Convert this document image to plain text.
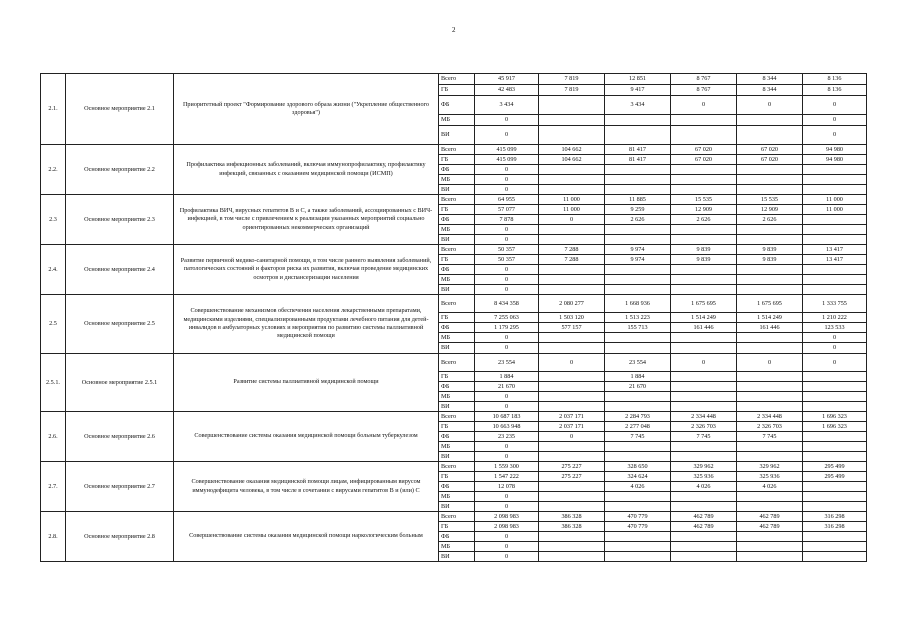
2
2.1.	Основное мероприятие 2.1	Приоритетный проект "Формирование здорового образа жизни ("Укрепление общественного здоровья")	Всего	45 917	7 819	12 851	8 767	8 344	8 136
			ГБ	42 483	7 819	9 417	8 767	8 344	8 136
			ФБ	3 434		3 434	0	0	0
			МБ	0					0
			ВИ	0					0
2.2.	Основное мероприятие 2.2	Профилактика инфекционных заболеваний, включая иммунопрофилактику, профилактику инфекций, связанных с оказанием медицинской помощи (ИСМП)	Всего	415 099	104 662	81 417	67 020	67 020	94 980
			ГБ	415 099	104 662	81 417	67 020	67 020	94 980
			ФБ	0					
			МБ	0					
			ВИ	0					
2.3	Основное мероприятие 2.3	Профилактика ВИЧ, вирусных гепатитов В и С, а также заболеваний, ассоциированных с ВИЧ-инфекцией, в том числе с привлечением к реализации указанных мероприятий социально ориентированных некоммерческих организаций	Всего	64 955	11 000	11 885	15 535	15 535	11 000
			ГБ	57 077	11 000	9 259	12 909	12 909	11 000
			ФБ	7 878	0	2 626	2 626	2 626	
			МБ	0					
			ВИ	0					
2.4.	Основное мероприятие 2.4	Развитие первичной медико-санитарной помощи, в том числе раннего выявления заболеваний, патологических состояний и факторов риска их развития, включая проведение медицинских осмотров и диспансеризации населения	Всего	50 357	7 288	9 974	9 839	9 839	13 417
			ГБ	50 357	7 288	9 974	9 839	9 839	13 417
			ФБ	0					
			МБ	0					
			ВИ	0					
2.5	Основное мероприятие 2.5	Совершенствование механизмов обеспечения населения лекарственными препаратами, медицинскими изделиями, специализированными продуктами лечебного питания для детей-инвалидов в амбулаторных условиях и мероприятия по развитию системы паллиативной медицинской помощи	Всего	8 434 358	2 080 277	1 668 936	1 675 695	1 675 695	1 333 755
			ГБ	7 255 063	1 503 120	1 513 223	1 514 249	1 514 249	1 210 222
			ФБ	1 179 295	577 157	155 713	161 446	161 446	123 533
			МБ	0					0
			ВИ	0					0
2.5.1.	Основное мероприятие 2.5.1	Развитие системы паллиативной медицинской помощи	Всего	23 554	0	23 554	0	0	0
			ГБ	1 884		1 884			
			ФБ	21 670		21 670			
			МБ	0					
			ВИ	0					
2.6.	Основное мероприятие 2.6	Совершенствование системы оказания медицинской помощи больным туберкулезом	Всего	10 687 183	2 037 171	2 284 793	2 334 448	2 334 448	1 696 323
			ГБ	10 663 948	2 037 171	2 277 048	2 326 703	2 326 703	1 696 323
			ФБ	23 235	0	7 745	7 745	7 745	
			МБ	0					
			ВИ	0					
2.7.	Основное мероприятие 2.7	Совершенствование оказания медицинской помощи лицам, инфицированным вирусом иммунодефицита человека, в том числе в сочетании с вирусами гепатитов В и (или) С	Всего	1 559 300	275 227	328 650	329 962	329 962	295 499
			ГБ	1 547 222	275 227	324 624	325 936	325 936	295 499
			ФБ	12 078		4 026	4 026	4 026	
			МБ	0					
			ВИ	0					
2.8.	Основное мероприятие 2.8	Совершенствование системы оказания медицинской помощи наркологическим больным	Всего	2 098 983	386 328	470 779	462 789	462 789	316 298
			ГБ	2 098 983	386 328	470 779	462 789	462 789	316 298
			ФБ	0					
			МБ	0					
			ВИ	0					
